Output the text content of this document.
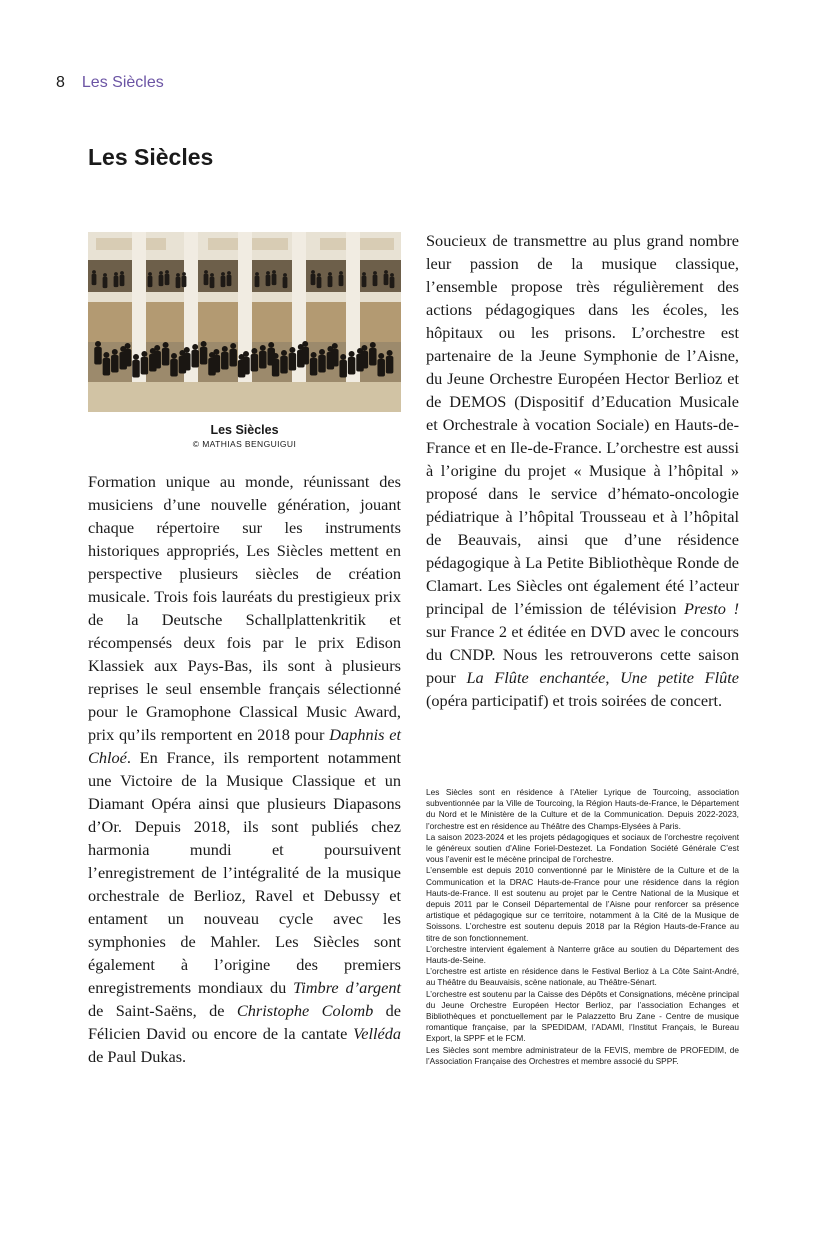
8 Les Siècles
Les Siècles
Les Siècles
© MATHIAS BENGUIGUI

Formation unique au monde, réunissant des musiciens d’une nouvelle génération, jouant chaque répertoire sur les instruments historiques appropriés, Les Siècles mettent en perspective plusieurs siècles de création musicale. Trois fois lauréats du prestigieux prix de la Deutsche Schallplattenkritik et récompensés deux fois par le prix Edison Klassiek aux Pays-Bas, ils sont à plusieurs reprises le seul ensemble français sélectionné pour le Gramophone Classical Music Award, prix qu’ils remportent en 2018 pour Daphnis et Chloé. En France, ils remportent notamment une Victoire de la Musique Classique et un Diamant Opéra ainsi que plusieurs Diapasons d’Or. Depuis 2018, ils sont publiés chez harmonia mundi et poursuivent l’enregistrement de l’intégralité de la musique orchestrale de Berlioz, Ravel et Debussy et entament un nouveau cycle avec les symphonies de Mahler. Les Siècles sont également à l’origine des premiers enregistrements mondiaux du Timbre d’argent de Saint-Saëns, de Christophe Colomb de Félicien David ou encore de la cantate Velléda de Paul Dukas.

Soucieux de transmettre au plus grand nombre leur passion de la musique classique, l’ensemble propose très régulièrement des actions pédagogiques dans les écoles, les hôpitaux ou les prisons. L’orchestre est partenaire de la Jeune Symphonie de l’Aisne, du Jeune Orchestre Européen Hector Berlioz et de DEMOS (Dispositif d’Education Musicale et Orchestrale à vocation Sociale) en Hauts-de-France et en Ile-de-France. L’orchestre est aussi à l’origine du projet « Musique à l’hôpital » proposé dans le service d’hémato-oncologie pédiatrique à l’hôpital Trousseau et à l’hôpital de Beauvais, ainsi que d’une résidence pédagogique à La Petite Bibliothèque Ronde de Clamart. Les Siècles ont également été l’acteur principal de l’émission de télévision Presto ! sur France 2 et éditée en DVD avec le concours du CNDP. Nous les retrouverons cette saison pour La Flûte enchantée, Une petite Flûte (opéra participatif) et trois soirées de concert.

Les Siècles sont en résidence à l’Atelier Lyrique de Tourcoing, association subventionnée par la Ville de Tourcoing, la Région Hauts-de-France, le Département du Nord et le Ministère de la Culture et de la Communication. Depuis 2022-2023, l’orchestre est en résidence au Théâtre des Champs-Elysées à Paris.

La saison 2023-2024 et les projets pédagogiques et sociaux de l’orchestre reçoivent le généreux soutien d’Aline Foriel-Destezet. La Fondation Société Générale C’est vous l’avenir est le mécène principal de l’orchestre.

L’ensemble est depuis 2010 conventionné par le Ministère de la Culture et de la Communication et la DRAC Hauts-de-France pour une résidence dans la région Hauts-de-France. Il est soutenu au projet par le Centre National de la Musique et depuis 2011 par le Conseil Départemental de l’Aisne pour renforcer sa présence artistique et pédagogique sur ce territoire, notamment à la Cité de la Musique de Soissons. L’orchestre est soutenu depuis 2018 par la Région Hauts-de-France au titre de son fonctionnement.

L’orchestre intervient également à Nanterre grâce au soutien du Département des Hauts-de-Seine.

L’orchestre est artiste en résidence dans le Festival Berlioz à La Côte Saint-André, au Théâtre du Beauvaisis, scène nationale, au Théâtre-Sénart.

L’orchestre est soutenu par la Caisse des Dépôts et Consignations, mécène principal du Jeune Orchestre Européen Hector Berlioz, par l’association Echanges et Bibliothèques et ponctuellement par le Palazzetto Bru Zane - Centre de musique romantique française, par la SPEDIDAM, l’ADAMI, l’Institut Français, le Bureau Export, la SPPF et le FCM.

Les Siècles sont membre administrateur de la FEVIS, membre de PROFEDIM, de l’Association Française des Orchestres et membre associé du SPPF.
